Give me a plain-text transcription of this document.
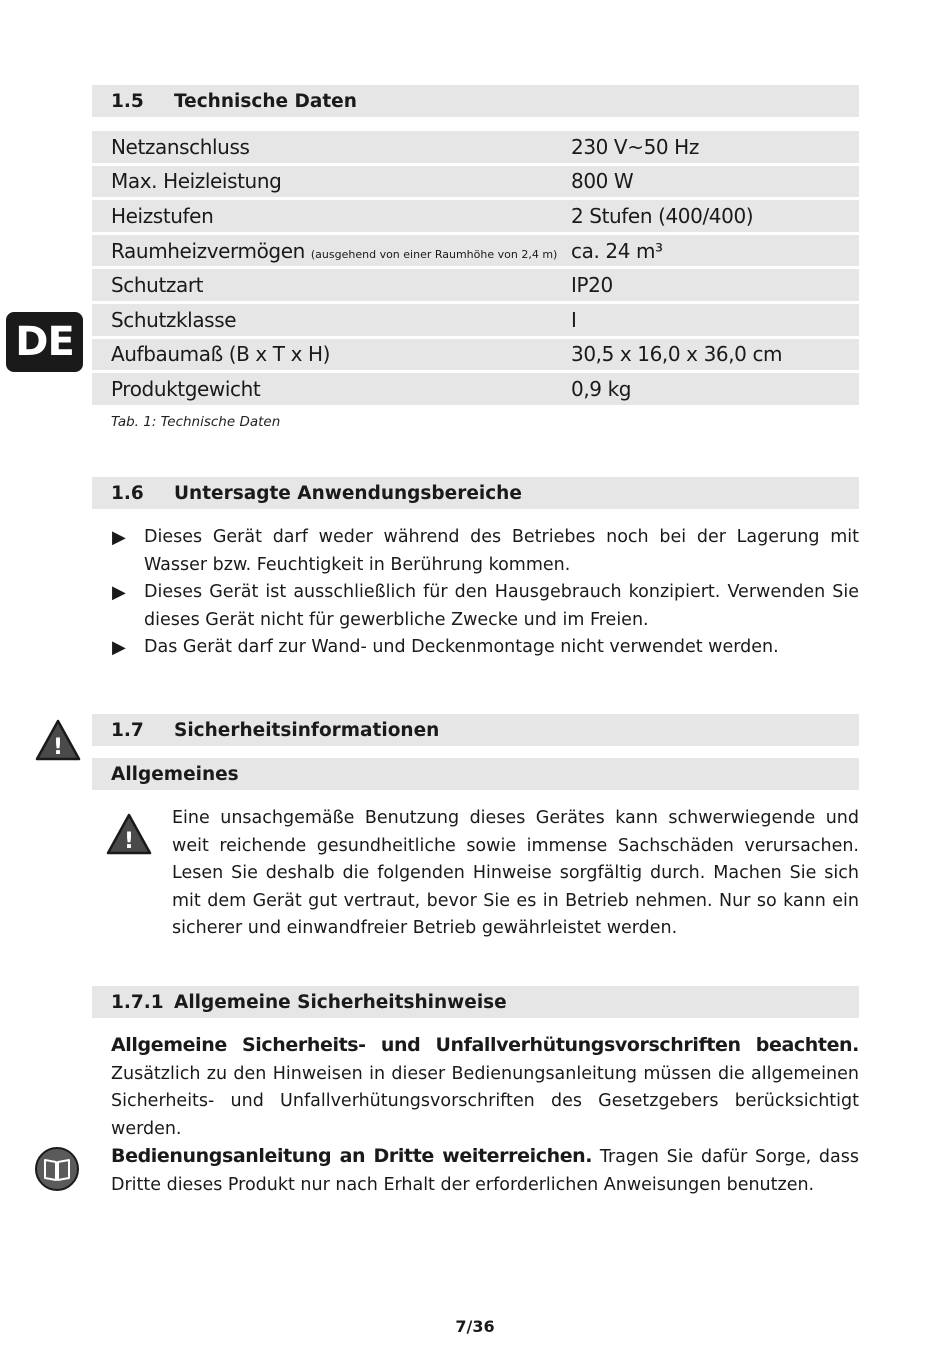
DE
1.5	Technische Daten
Netzanschluss	230 V~50 Hz
Max. Heizleistung	800 W
Heizstufen	2 Stufen (400/400)
Raumheizvermögen (ausgehend von einer Raumhöhe von 2,4 m)	ca. 24 m³
Schutzart	IP20
Schutzklasse	I
Aufbaumaß (B x T x H)	30,5 x 16,0 x 36,0 cm
Produktgewicht	0,9 kg
Tab. 1: Technische Daten
1.6	Untersagte Anwendungsbereiche
▶ Dieses Gerät darf weder während des Betriebes noch bei der Lagerung mit Wasser bzw. Feuchtigkeit in Berührung kommen.
▶ Dieses Gerät ist ausschließlich für den Hausgebrauch konzipiert. Verwenden Sie dieses Gerät nicht für gewerbliche Zwecke und im Freien.
▶ Das Gerät darf zur Wand- und Deckenmontage nicht verwendet werden.
!
1.7	Sicherheitsinformationen
Allgemeines
!
Eine unsachgemäße Benutzung dieses Gerätes kann schwerwiegende und weit reichende gesundheitliche sowie immense Sachschäden verursachen. Lesen Sie deshalb die folgenden Hinweise sorgfältig durch. Machen Sie sich mit dem Gerät gut vertraut, bevor Sie es in Betrieb nehmen. Nur so kann ein sicherer und einwandfreier Betrieb gewährleistet werden.
1.7.1 Allgemeine Sicherheitshinweise
Allgemeine Sicherheits- und Unfallverhütungsvorschriften beachten. Zusätzlich zu den Hinweisen in dieser Bedienungsanleitung müssen die allgemeinen Sicherheits- und Unfallverhütungsvorschriften des Gesetzgebers berücksichtigt werden.
Bedienungsanleitung an Dritte weiterreichen. Tragen Sie dafür Sorge, dass Dritte dieses Produkt nur nach Erhalt der erforderlichen Anweisungen benutzen.
7/36
